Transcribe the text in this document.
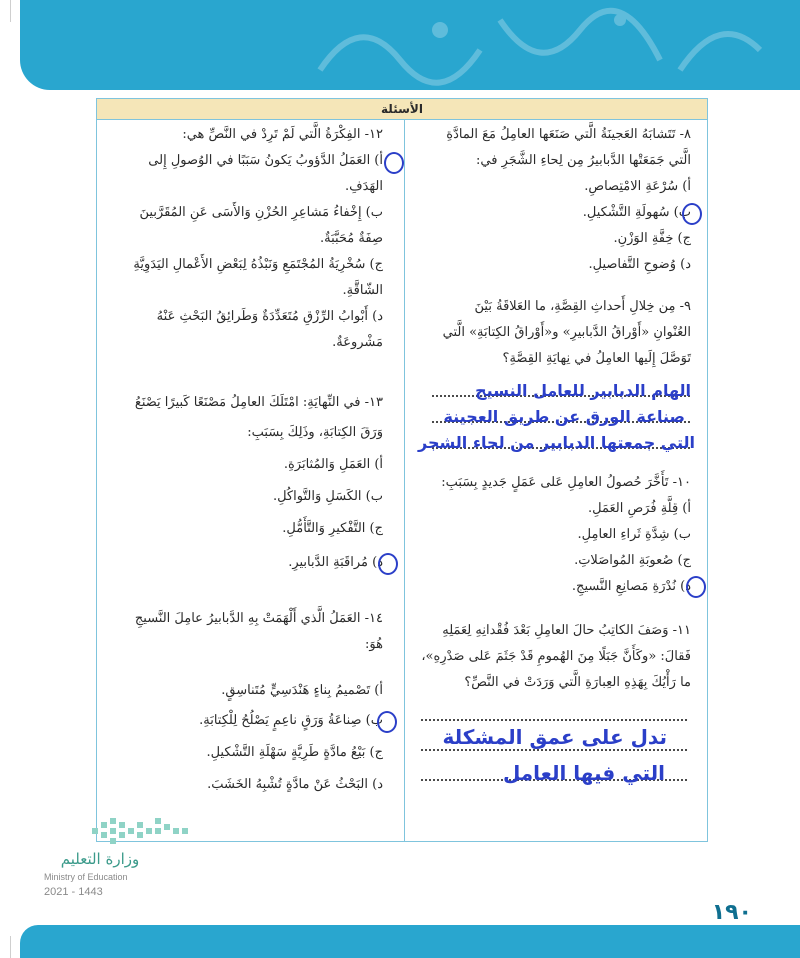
١٩٠
الأسئلة
٨- تَتَشابَهُ العَجينَةُ الَّتي صَنَعَها العامِلُ مَعَ المادَّةِ
الَّتي جَمَعَتْها الدَّبابيرُ مِن لِحاءِ الشَّجَرِ في:
أ) سُرْعَةِ الامْتِصاصِ.
ب) سُهولَةِ التَّشْكيلِ.
ج) خِفَّةِ الوَزْنِ.
د) وُضوحِ التَّفاصيلِ.
٩- مِن خِلالِ أَحداثِ القِصَّةِ، ما العَلاقَةُ بَيْنَ
العُنْوانِ «أَوْراقُ الدَّبابيرِ» و«أَوْراقُ الكِتابَةِ» الَّتي
تَوَصَّلَ إِلَيها العامِلُ في نِهايَةِ القِصَّةِ؟
الهام الدبابير للعامل النسيج
صناعة الورق عن طريق العجينة
التي جمعتها الدبابير من لحاء الشجر
١٠- تَأَخَّرَ حُصولُ العامِلِ عَلى عَمَلٍ جَديدٍ بِسَبَبِ:
أ) قِلَّةِ فُرَصِ العَمَلِ.
ب) شِدَّةِ ثَراءِ العامِلِ.
ج) صُعوبَةِ المُواصَلاتِ.
د) نُدْرَةِ مَصانِعِ النَّسيجِ.
١١- وَصَفَ الكاتِبُ حالَ العامِلِ بَعْدَ فُقْدانِهِ لِعَمَلِهِ
فَقالَ: «وكَأَنَّ جَبَلًا مِنَ الهُمومِ قَدْ جَثَمَ عَلى صَدْرِهِ»،
ما رَأْيُكَ بِهَذِهِ العِبارَةِ الَّتي وَرَدَتْ في النَّصِّ؟
تدل على عمق المشكلة
التي فيها العامل
١٢- الفِكْرَةُ الَّتي لَمْ تَرِدْ في النَّصِّ هي:
أ) العَمَلُ الدَّؤوبُ يَكونُ سَبَبًا في الوُصولِ إِلى
الهَدَفِ.
ب) إِخْفاءُ مَشاعِرِ الحُزْنِ وَالأَسَى عَنِ المُقَرَّبينَ
صِفَةٌ مُحَبَّبَةٌ.
ج) سُخْرِيَةُ المُجْتَمَعِ وَنَبْذُهُ لِبَعْضِ الأَعْمالِ اليَدَوِيَّةِ
الشّاقَّةِ.
د) أَبْوابُ الرِّزْقِ مُتَعَدِّدَةٌ وَطَرائِقُ البَحْثِ عَنْهُ
مَشْروعَةٌ.
١٣- في النِّهايَةِ: امْتَلَكَ العامِلُ مَصْنَعًا كَبيرًا يَصْنَعُ
وَرَقَ الكِتابَةِ، وذَلِكَ بِسَبَبِ:
أ) العَمَلِ وَالمُثابَرَةِ.
ب) الكَسَلِ وَالتَّواكُلِ.
ج) التَّفْكيرِ وَالتَّأَمُّلِ.
د) مُراقَبَةِ الدَّبابيرِ.
١٤- العَمَلُ الَّذي أَلْهَمَتْ بِهِ الدَّبابيرُ عامِلَ النَّسيجِ
هُوَ:
أ) تَصْميمُ بِناءٍ هَنْدَسِيٍّ مُتَناسِقٍ.
ب) صِناعَةُ وَرَقٍ ناعِمٍ يَصْلُحُ لِلْكِتابَةِ.
ج) بَيْعُ مادَّةٍ طَرِيَّةٍ سَهْلَةِ التَّشْكيلِ.
د) البَحْثُ عَنْ مادَّةٍ تُشْبِهُ الخَشَبَ.
وزارة التعليم
Ministry of Education
2021 - 1443
